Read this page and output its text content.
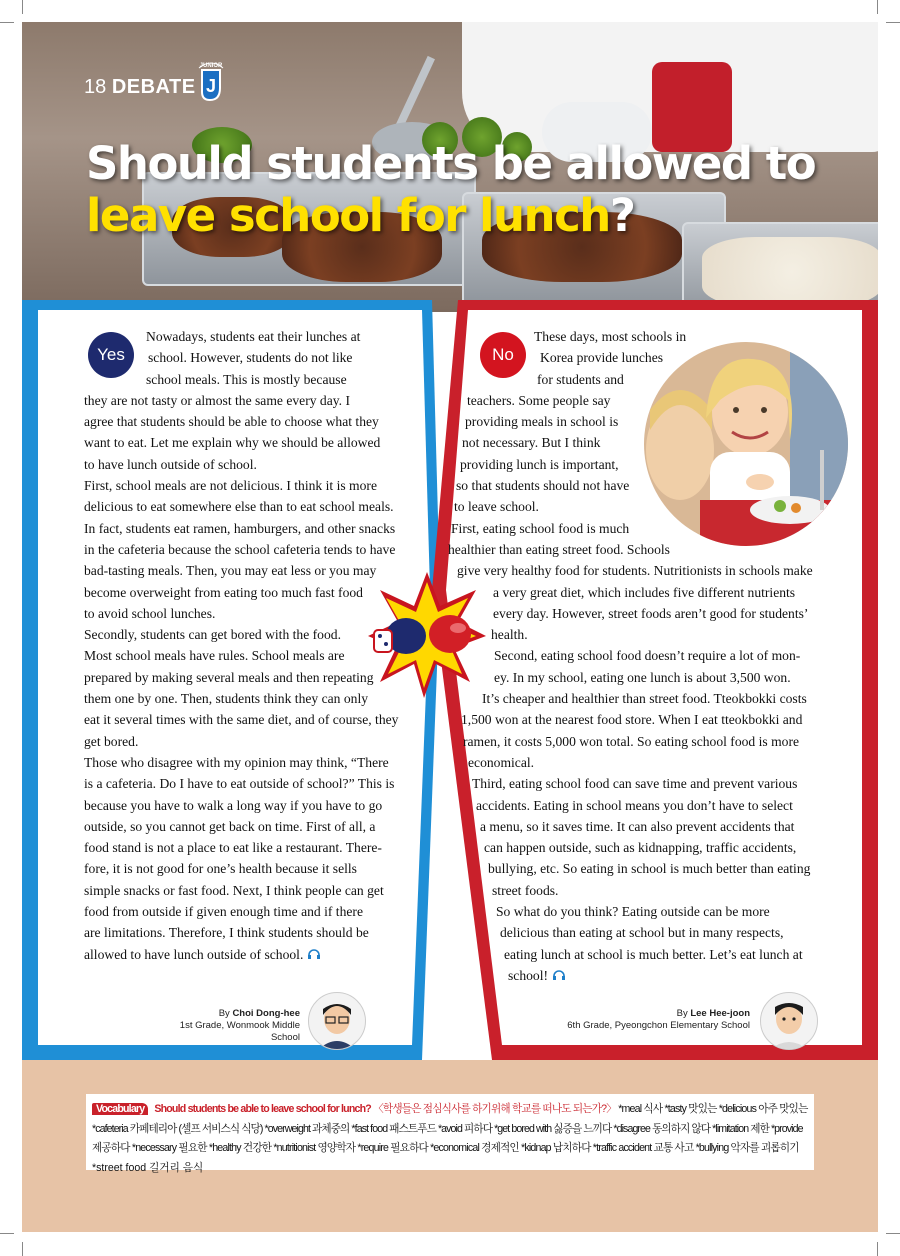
18 DEBATE
JUNIOR
J
Should students be allowed to
leave school for lunch?
Yes

Nowadays, students eat their lunches at

school. However, students do not like

school meals. This is mostly because

they are not tasty or almost the same every day. I

agree that students should be able to choose what they

want to eat. Let me explain why we should be allowed

to have lunch outside of school.

First, school meals are not delicious. I think it is more

delicious to eat somewhere else than to eat school meals.

In fact, students eat ramen, hamburgers, and other snacks

in the cafeteria because the school cafeteria tends to have

bad-tasting meals. Then, you may eat less or you may

become overweight from eating too much fast food

to avoid school lunches.

Secondly, students can get bored with the food.

Most school meals have rules. School meals are

prepared by making several meals and then repeating

them one by one. Then, students think they can only

eat it several times with the same diet, and of course, they

get bored.

Those who disagree with my opinion may think, “There

is a cafeteria. Do I have to eat outside of school?” This is

because you have to walk a long way if you have to go

outside, so you cannot get back on time. First of all, a

food stand is not a place to eat like a restaurant. There-

fore, it is not good for one’s health because it sells

simple snacks or fast food. Next, I think people can get

food from outside if given enough time and if there

are limitations. Therefore, I think students should be

allowed to have lunch outside of school.

By Choi Dong-hee
1st Grade, Wonmook Middle School
No

These days, most schools in

Korea provide lunches

for students and

teachers. Some people say

providing meals in school is

not necessary. But I think

providing lunch is important,

so that students should not have

to leave school.

First, eating school food is much

healthier than eating street food. Schools

give very healthy food for students. Nutritionists in schools make

a very great diet, which includes five different nutrients

every day. However, street foods aren’t good for students’

health.

Second, eating school food doesn’t require a lot of mon-

ey. In my school, eating one lunch is about 3,500 won.

It’s cheaper and healthier than street food. Tteokbokki costs

1,500 won at the nearest food store. When I eat tteokbokki and

ramen, it costs 5,000 won total. So eating school food is more

economical.

Third, eating school food can save time and prevent various

accidents. Eating in school means you don’t have to select

a menu, so it saves time. It can also prevent accidents that

can happen outside, such as kidnapping, traffic accidents,

bullying, etc. So eating in school is much better than eating

street foods.

So what do you think? Eating outside can be more

delicious than eating at school but in many respects,

eating lunch at school is much better. Let’s eat lunch at

school!

By Lee Hee-joon
6th Grade, Pyeongchon Elementary School
Vocabulary Should students be able to leave school for lunch? 〈학생들은 점심식사를 하기위해 학교를 떠나도 되는가?〉 *meal 식사 *tasty 맛있는 *delicious 아주 맛있는
*cafeteria 카페테리아 (셀프 서비스식 식당) *overweight 과체중의 *fast food 패스트푸드 *avoid 피하다 *get bored with 싫증을 느끼다 *disagree 동의하지 않다 *limitation 제한 *provide
제공하다 *necessary 필요한 *healthy 건강한 *nutritionist 영양학자 *require 필요하다 *economical 경제적인 *kidnap 납치하다 *traffic accident 교통 사고 *bullying 악자를 괴롭히기
*street food 길거리 음식
